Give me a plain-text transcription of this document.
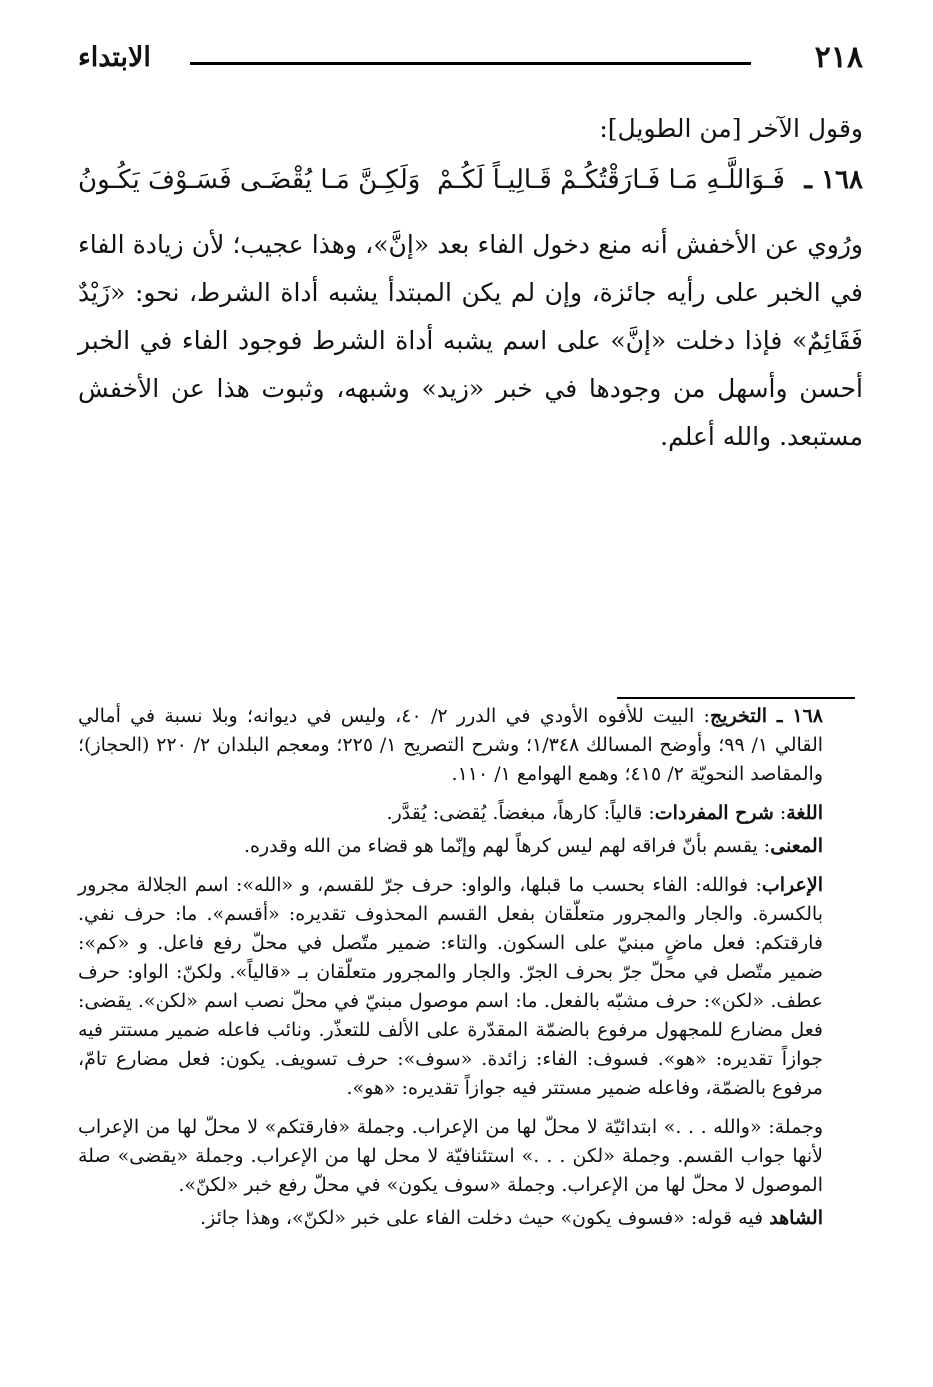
٢١٨
الابتداء

وقول الآخر [من الطويل]:

١٦٨ ـ
فَـوَاللَّـهِ مَـا فَـارَقْتُكُـمْ قَـالِيـاً لَكُـمْ
وَلَكِـنَّ مَـا يُقْضَـى فَسَـوْفَ يَكُـونُ

ورُوي عن الأخفش أنه منع دخول الفاء بعد «إنَّ»، وهذا عجيب؛ لأن زيادة الفاء في الخبر على رأيه جائزة، وإن لم يكن المبتدأ يشبه أداة الشرط، نحو: «زَيْدٌ فَقَائِمٌ» فإذا دخلت «إنَّ» على اسم يشبه أداة الشرط فوجود الفاء في الخبر أحسن وأسهل من وجودها في خبر «زيد» وشبهه، وثبوت هذا عن الأخفش مستبعد. والله أعلم.

١٦٨ ـ التخريج: البيت للأفوه الأودي في الدرر ٢/ ٤٠، وليس في ديوانه؛ وبلا نسبة في أمالي القالي ١/ ٩٩؛ وأوضح المسالك ١/٣٤٨؛ وشرح التصريح ١/ ٢٢٥؛ ومعجم البلدان ٢/ ٢٢٠ (الحجاز)؛ والمقاصد النحويّة ٢/ ٤١٥؛ وهمع الهوامع ١/ ١١٠.

اللغة: شرح المفردات: قالياً: كارهاً، مبغضاً. يُقضى: يُقدَّر.

المعنى: يقسم بأنّ فراقه لهم ليس كرهاً لهم وإنّما هو قضاء من الله وقدره.

الإعراب: فوالله: الفاء بحسب ما قبلها، والواو: حرف جرّ للقسم، و «الله»: اسم الجلالة مجرور بالكسرة. والجار والمجرور متعلّقان بفعل القسم المحذوف تقديره: «أقسم». ما: حرف نفي. فارقتكم: فعل ماضٍ مبنيّ على السكون. والتاء: ضمير متّصل في محلّ رفع فاعل. و «كم»: ضمير متّصل في محلّ جرّ بحرف الجرّ. والجار والمجرور متعلّقان بـ «قالياً». ولكنّ: الواو: حرف عطف. «لكن»: حرف مشبّه بالفعل. ما: اسم موصول مبنيّ في محلّ نصب اسم «لكن». يقضى: فعل مضارع للمجهول مرفوع بالضمّة المقدّرة على الألف للتعذّر. ونائب فاعله ضمير مستتر فيه جوازاً تقديره: «هو». فسوف: الفاء: زائدة. «سوف»: حرف تسويف. يكون: فعل مضارع تامّ، مرفوع بالضمّة، وفاعله ضمير مستتر فيه جوازاً تقديره: «هو».

وجملة: «والله . . .» ابتدائيّة لا محلّ لها من الإعراب. وجملة «فارقتكم» لا محلّ لها من الإعراب لأنها جواب القسم. وجملة «لكن . . .» استئنافيّة لا محل لها من الإعراب. وجملة «يقضى» صلة الموصول لا محلّ لها من الإعراب. وجملة «سوف يكون» في محلّ رفع خبر «لكنّ».

الشاهد فيه قوله: «فسوف يكون» حيث دخلت الفاء على خبر «لكنّ»، وهذا جائز.
